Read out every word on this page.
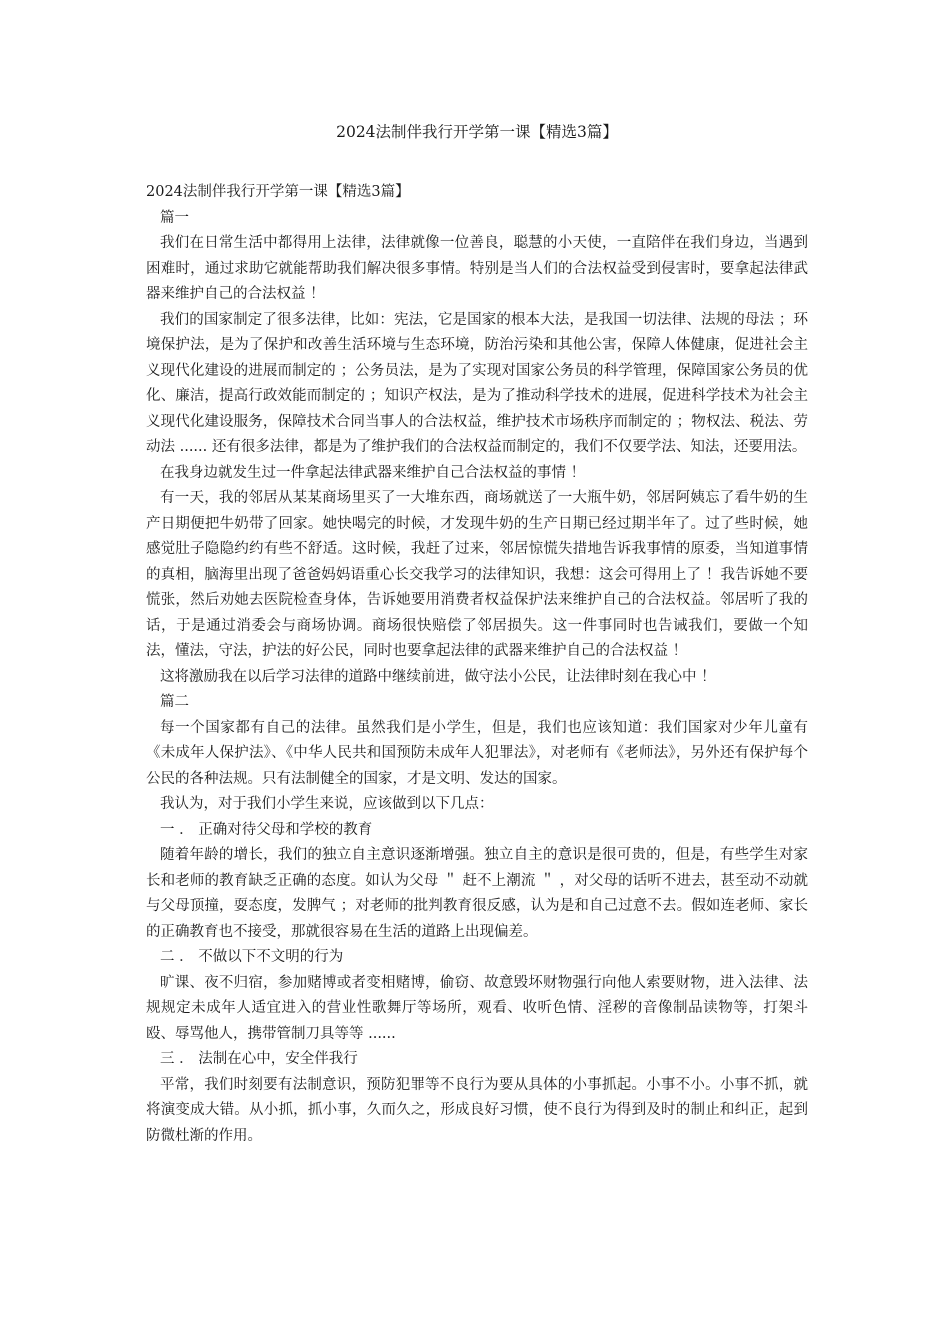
2024法制伴我行开学第一课【精选3篇】

2024法制伴我行开学第一课【精选3篇】

篇一

我们在日常生活中都得用上法律，法律就像一位善良，聪慧的小天使，一直陪伴在我们身边，当遇到困难时，通过求助它就能帮助我们解决很多事情。特别是当人们的合法权益受到侵害时，要拿起法律武器来维护自己的合法权益 ！

我们的国家制定了很多法律，比如：宪法，它是国家的根本大法，是我国一切法律、法规的母法 ；环境保护法，是为了保护和改善生活环境与生态环境，防治污染和其他公害，保障人体健康，促进社会主义现代化建设的进展而制定的 ；公务员法，是为了实现对国家公务员的科学管理，保障国家公务员的优化、廉洁，提高行政效能而制定的 ；知识产权法，是为了推动科学技术的进展，促进科学技术为社会主义现代化建设服务，保障技术合同当事人的合法权益，维护技术市场秩序而制定的 ；物权法、税法、劳动法 ...... 还有很多法律，都是为了维护我们的合法权益而制定的，我们不仅要学法、知法，还要用法。

在我身边就发生过一件拿起法律武器来维护自己合法权益的事情 ！

有一天，我的邻居从某某商场里买了一大堆东西，商场就送了一大瓶牛奶，邻居阿姨忘了看牛奶的生产日期便把牛奶带了回家。她快喝完的时候，才发现牛奶的生产日期已经过期半年了。过了些时候，她感觉肚子隐隐约约有些不舒适。这时候，我赶了过来，邻居惊慌失措地告诉我事情的原委，当知道事情的真相，脑海里出现了爸爸妈妈语重心长交我学习的法律知识，我想：这会可得用上了 ！我告诉她不要慌张，然后劝她去医院检查身体，告诉她要用消费者权益保护法来维护自己的合法权益。邻居听了我的话，于是通过消委会与商场协调。商场很快赔偿了邻居损失。这一件事同时也告诫我们，要做一个知法，懂法，守法，护法的好公民，同时也要拿起法律的武器来维护自己的合法权益 ！

这将激励我在以后学习法律的道路中继续前进，做守法小公民，让法律时刻在我心中 ！

篇二

每一个国家都有自己的法律。虽然我们是小学生，但是，我们也应该知道：我们国家对少年儿童有《未成年人保护法》、《中华人民共和国预防未成年人犯罪法》，对老师有《老师法》，另外还有保护每个公民的各种法规。只有法制健全的国家，才是文明、发达的国家。

我认为，对于我们小学生来说，应该做到以下几点：

一 ． 正确对待父母和学校的教育

随着年龄的增长，我们的独立自主意识逐渐增强。独立自主的意识是很可贵的，但是，有些学生对家长和老师的教育缺乏正确的态度。如认为父母 ＂ 赶不上潮流 ＂ ，对父母的话听不进去，甚至动不动就与父母顶撞，耍态度，发脾气 ；对老师的批判教育很反感，认为是和自己过意不去。假如连老师、家长的正确教育也不接受，那就很容易在生活的道路上出现偏差。

二 ． 不做以下不文明的行为

旷课、夜不归宿，参加赌博或者变相赌博，偷窃、故意毁坏财物强行向他人索要财物，进入法律、法规规定未成年人适宜进入的营业性歌舞厅等场所，观看、收听色情、淫秽的音像制品读物等，打架斗殴、辱骂他人，携带管制刀具等等 ......

三 ． 法制在心中，安全伴我行

平常，我们时刻要有法制意识，预防犯罪等不良行为要从具体的小事抓起。小事不小。小事不抓，就将演变成大错。从小抓，抓小事，久而久之，形成良好习惯，使不良行为得到及时的制止和纠正，起到防微杜渐的作用。
